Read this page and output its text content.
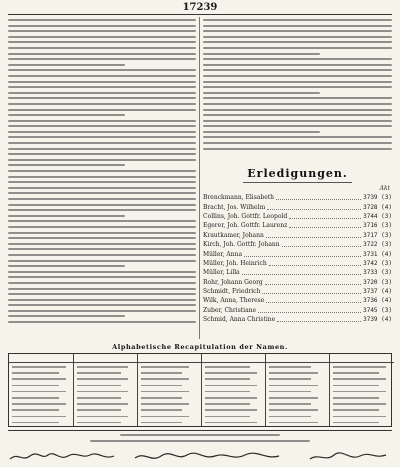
17239
Erledigungen.
Akt
Brenckmann, Elisabeth	3739 (3)
Bracht, Jos. Wilhelm	3728 (4)
Collins, Joh. Gottfr. Leopold	3744 (3)
Egerer, Joh. Gottfr. Laurenz	3716 (3)
Krautkamer, Johann	3717 (3)
Kirch, Joh. Gottfr. Johann	3722 (3)
Müller, Anna	3731 (4)
Müller, Joh. Heinrich	3742 (3)
Müller, Lilla	3733 (3)
Rohr, Johann Georg	3720 (3)
Schmidt, Friedrich	3737 (4)
Wilk, Anna, Therese	3736 (4)
Zuber, Christiane	3745 (3)
Schmid, Anna Christine	3739 (4)
Alphabetische Recapitulation der Namen.
